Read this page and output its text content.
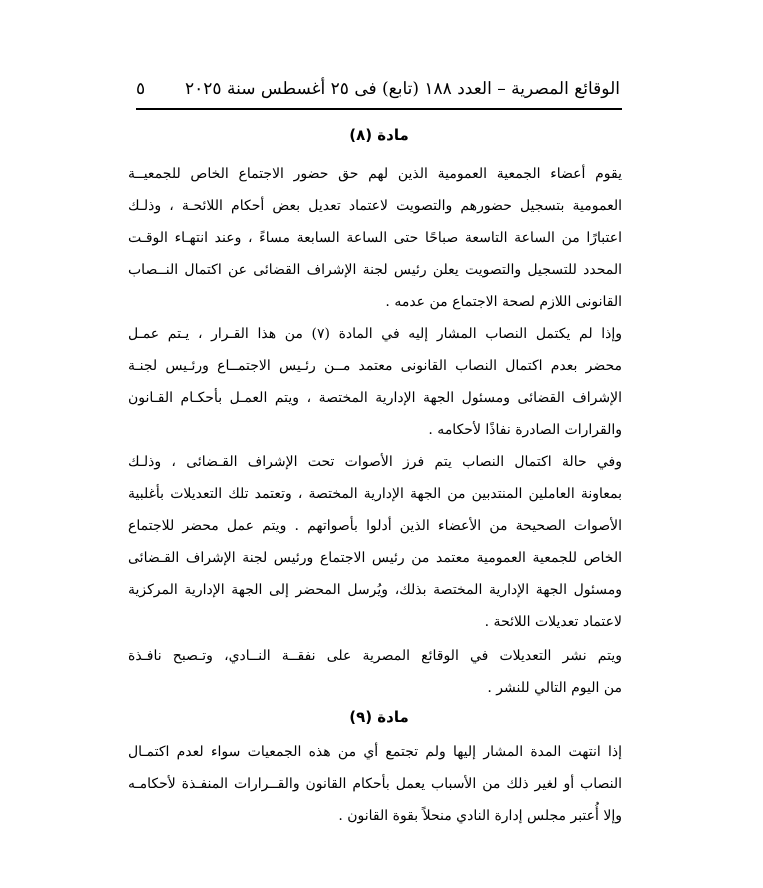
الوقائع المصرية – العدد ١٨٨ (تابع) فى ٢٥ أغسطس سنة ٢٠٢٥
٥
مادة (٨)
يقوم أعضاء الجمعية العمومية الذين لهم حق حضور الاجتماع الخاص للجمعيــة
العمومية بتسجيل حضورهم والتصويت لاعتماد تعديل بعض أحكام اللائحـة ، وذلـك
اعتبارًا من الساعة التاسعة صباحًا حتى الساعة السابعة مساءً ، وعند انتهـاء الوقـت
المحدد للتسجيل والتصويت يعلن رئيس لجنة الإشراف القضائى عن اكتمال النــصاب
القانونى اللازم لصحة الاجتماع من عدمه .
وإذا لم يكتمل النصاب المشار إليه في المادة (٧) من هذا القـرار ، يـتم عمـل
محضر بعدم اكتمال النصاب القانونى معتمد مــن رئـيس الاجتمــاع ورئـيس لجنـة
الإشراف القضائى ومسئول الجهة الإدارية المختصة ، ويتم العمـل بأحكـام القـانون
والقرارات الصادرة نفاذًا لأحكامه .
وفي حالة اكتمال النصاب يتم فرز الأصوات تحت الإشراف القـضائى ، وذلـك
بمعاونة العاملين المنتدبين من الجهة الإدارية المختصة ، وتعتمد تلك التعديلات بأغلبية
الأصوات الصحيحة من الأعضاء الذين أدلوا بأصواتهم . ويتم عمل محضر للاجتماع
الخاص للجمعية العمومية معتمد من رئيس الاجتماع ورئيس لجنة الإشراف القـضائى
ومسئول الجهة الإدارية المختصة بذلك، ويُرسل المحضر إلى الجهة الإدارية المركزية
لاعتماد تعديلات اللائحة .
ويتم نشر التعديلات في الوقائع المصرية على نفقــة النــادي، وتـصبح نافـذة
من اليوم التالي للنشر .
مادة (٩)
إذا انتهت المدة المشار إليها ولم تجتمع أي من هذه الجمعيات سواء لعدم اكتمـال
النصاب أو لغير ذلك من الأسباب يعمل بأحكام القانون والقــرارات المنفـذة لأحكامـه
وإلا أُعتبر مجلس إدارة النادي منحلاً بقوة القانون .
